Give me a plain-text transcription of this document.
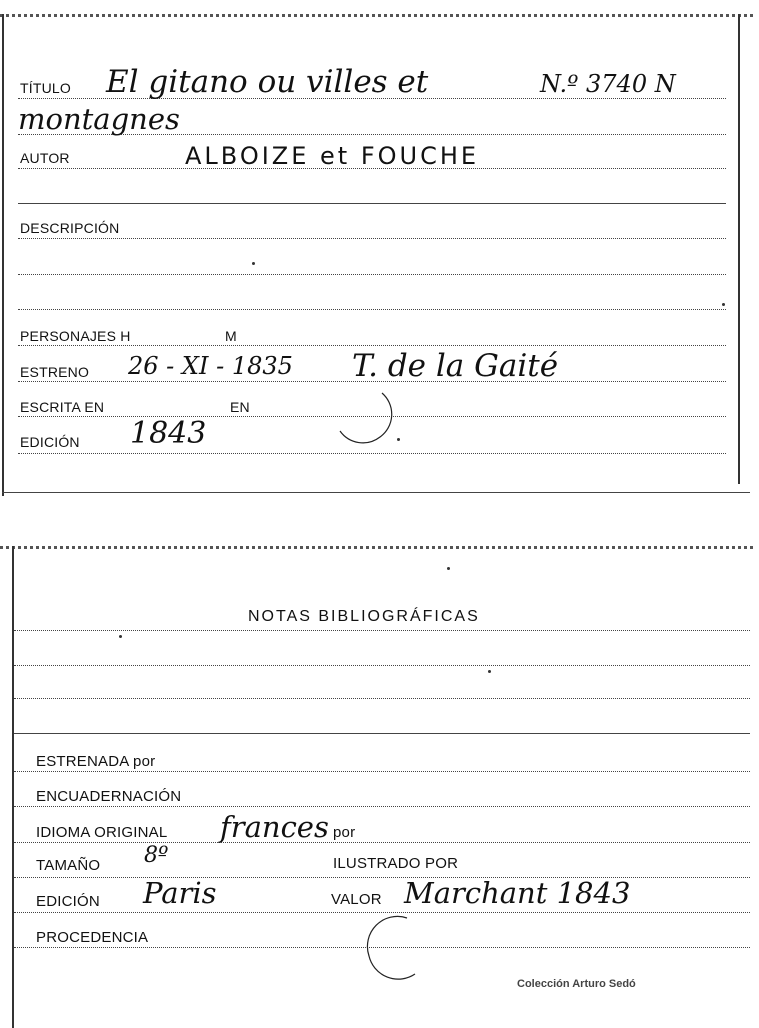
TÍTULO El gitano ou villes et	N.º 3740 N
montagnes
AUTOR	ALBOIZE et FOUCHE
DESCRIPCIÓN
PERSONAJES H	M
ESTRENO 26 - XI - 1835 T. de la Gaité
ESCRITA EN	EN
EDICIÓN 1843
NOTAS BIBLIOGRÁFICAS
ESTRENADA por
ENCUADERNACIÓN
IDIOMA ORIGINAL frances por
TAMAÑO 8º	ILUSTRADO POR
EDICIÓN Paris	VALOR Marchant 1843
PROCEDENCIA
Colección Arturo Sedó
